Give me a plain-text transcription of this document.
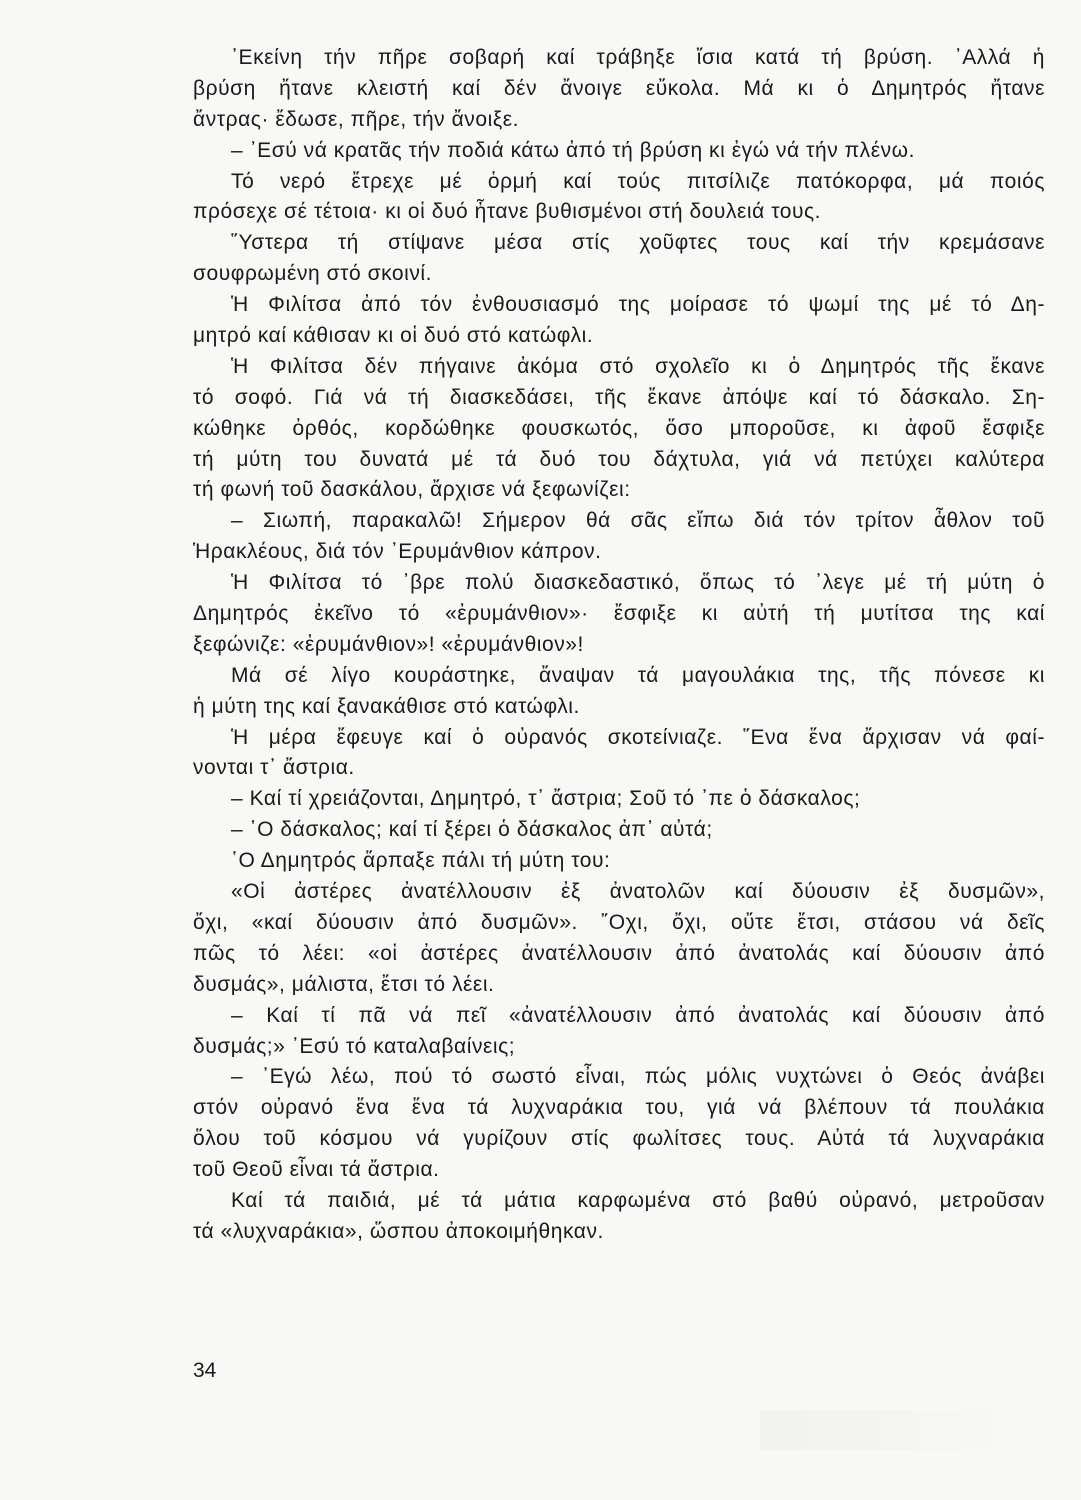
᾿Εκείνη τήν πῆρε σοβαρή καί τράβηξε ἴσια κατά τή βρύση. ᾿Αλλά ἡ
βρύση ἤτανε κλειστή καί δέν ἄνοιγε εὔκολα. Μά κι ὁ Δημητρός ἤτανε
ἄντρας· ἔδωσε, πῆρε, τήν ἄνοιξε.
– ᾿Εσύ νά κρατᾶς τήν ποδιά κάτω ἀπό τή βρύση κι ἐγώ νά τήν πλένω.
Τό νερό ἔτρεχε μέ ὁρμή καί τούς πιτσίλιζε πατόκορφα, μά ποιός
πρόσεχε σέ τέτοια· κι οἱ δυό ἦτανε βυθισμένοι στή δουλειά τους.
῞Υστερα τή στίψανε μέσα στίς χοῦφτες τους καί τήν κρεμάσανε
σουφρωμένη στό σκοινί.
Ἡ Φιλίτσα ἀπό τόν ἐνθουσιασμό της μοίρασε τό ψωμί της μέ τό Δη-
μητρό καί κάθισαν κι οἱ δυό στό κατώφλι.
Ἡ Φιλίτσα δέν πήγαινε ἀκόμα στό σχολεῖο κι ὁ Δημητρός τῆς ἔκανε
τό σοφό. Γιά νά τή διασκεδάσει, τῆς ἔκανε ἀπόψε καί τό δάσκαλο. Ση-
κώθηκε ὀρθός, κορδώθηκε φουσκωτός, ὅσο μποροῦσε, κι ἀφοῦ ἔσφιξε
τή μύτη του δυνατά μέ τά δυό του δάχτυλα, γιά νά πετύχει καλύτερα
τή φωνή τοῦ δασκάλου, ἄρχισε νά ξεφωνίζει:
– Σιωπή, παρακαλῶ! Σήμερον θά σᾶς εἴπω διά τόν τρίτον ἆθλον τοῦ
Ἡρακλέους, διά τόν ᾿Ερυμάνθιον κάπρον.
Ἡ Φιλίτσα τό ᾿βρε πολύ διασκεδαστικό, ὅπως τό ᾿λεγε μέ τή μύτη ὁ
Δημητρός ἐκεῖνο τό «ἐρυμάνθιον»· ἔσφιξε κι αὐτή τή μυτίτσα της καί
ξεφώνιζε: «ἐρυμάνθιον»! «ἐρυμάνθιον»!
Μά σέ λίγο κουράστηκε, ἄναψαν τά μαγουλάκια της, τῆς πόνεσε κι
ἡ μύτη της καί ξανακάθισε στό κατώφλι.
Ἡ μέρα ἔφευγε καί ὁ οὐρανός σκοτείνιαζε. ῞Ενα ἕνα ἄρχισαν νά φαί-
νονται τ᾿ ἄστρια.
– Καί τί χρειάζονται, Δημητρό, τ᾿ ἄστρια; Σοῦ τό ᾿πε ὁ δάσκαλος;
– ῾Ο δάσκαλος; καί τί ξέρει ὁ δάσκαλος ἀπ᾿ αὐτά;
῾Ο Δημητρός ἅρπαξε πάλι τή μύτη του:
«Οἱ ἀστέρες ἀνατέλλουσιν ἐξ ἀνατολῶν καί δύουσιν ἐξ δυσμῶν»,
ὄχι, «καί δύουσιν ἀπό δυσμῶν». ῎Οχι, ὄχι, οὔτε ἔτσι, στάσου νά δεῖς
πῶς τό λέει: «οἱ ἀστέρες ἀνατέλλουσιν ἀπό ἀνατολάς καί δύουσιν ἀπό
δυσμάς», μάλιστα, ἔτσι τό λέει.
– Καί τί πᾶ νά πεῖ «ἀνατέλλουσιν ἀπό ἀνατολάς καί δύουσιν ἀπό
δυσμάς;» ᾿Εσύ τό καταλαβαίνεις;
– ᾿Εγώ λέω, πού τό σωστό εἶναι, πώς μόλις νυχτώνει ὁ Θεός ἀνάβει
στόν οὐρανό ἕνα ἕνα τά λυχναράκια του, γιά νά βλέπουν τά πουλάκια
ὅλου τοῦ κόσμου νά γυρίζουν στίς φωλίτσες τους. Αὐτά τά λυχναράκια
τοῦ Θεοῦ εἶναι τά ἄστρια.
Καί τά παιδιά, μέ τά μάτια καρφωμένα στό βαθύ οὐρανό, μετροῦσαν
τά «λυχναράκια», ὥσπου ἀποκοιμήθηκαν.
34
